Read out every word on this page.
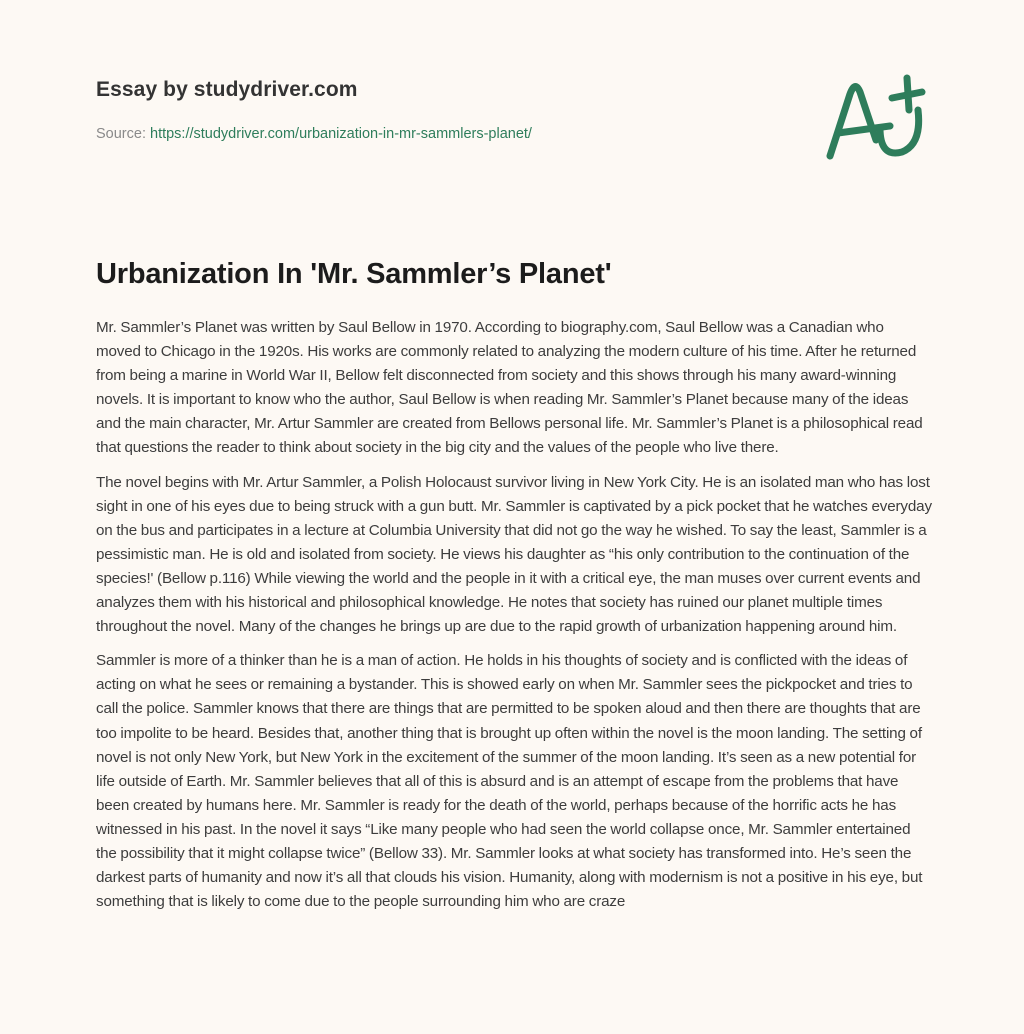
Essay by studydriver.com
Source: https://studydriver.com/urbanization-in-mr-sammlers-planet/
Urbanization In 'Mr. Sammler’s Planet'

Mr. Sammler’s Planet was written by Saul Bellow in 1970. According to biography.com, Saul Bellow was a Canadian who moved to Chicago in the 1920s. His works are commonly related to analyzing the modern culture of his time. After he returned from being a marine in World War II, Bellow felt disconnected from society and this shows through his many award-winning novels. It is important to know who the author, Saul Bellow is when reading Mr. Sammler’s Planet because many of the ideas and the main character, Mr. Artur Sammler are created from Bellows personal life. Mr. Sammler’s Planet is a philosophical read that questions the reader to think about society in the big city and the values of the people who live there.

The novel begins with Mr. Artur Sammler, a Polish Holocaust survivor living in New York City. He is an isolated man who has lost sight in one of his eyes due to being struck with a gun butt. Mr. Sammler is captivated by a pick pocket that he watches everyday on the bus and participates in a lecture at Columbia University that did not go the way he wished. To say the least, Sammler is a pessimistic man. He is old and isolated from society. He views his daughter as “his only contribution to the continuation of the species!' (Bellow p.116) While viewing the world and the people in it with a critical eye, the man muses over current events and analyzes them with his historical and philosophical knowledge. He notes that society has ruined our planet multiple times throughout the novel. Many of the changes he brings up are due to the rapid growth of urbanization happening around him.

Sammler is more of a thinker than he is a man of action. He holds in his thoughts of society and is conflicted with the ideas of acting on what he sees or remaining a bystander. This is showed early on when Mr. Sammler sees the pickpocket and tries to call the police. Sammler knows that there are things that are permitted to be spoken aloud and then there are thoughts that are too impolite to be heard. Besides that, another thing that is brought up often within the novel is the moon landing. The setting of novel is not only New York, but New York in the excitement of the summer of the moon landing. It’s seen as a new potential for life outside of Earth. Mr. Sammler believes that all of this is absurd and is an attempt of escape from the problems that have been created by humans here. Mr. Sammler is ready for the death of the world, perhaps because of the horrific acts he has witnessed in his past. In the novel it says “Like many people who had seen the world collapse once, Mr. Sammler entertained the possibility that it might collapse twice” (Bellow 33). Mr. Sammler looks at what society has transformed into. He’s seen the darkest parts of humanity and now it’s all that clouds his vision. Humanity, along with modernism is not a positive in his eye, but something that is likely to come due to the people surrounding him who are craze
